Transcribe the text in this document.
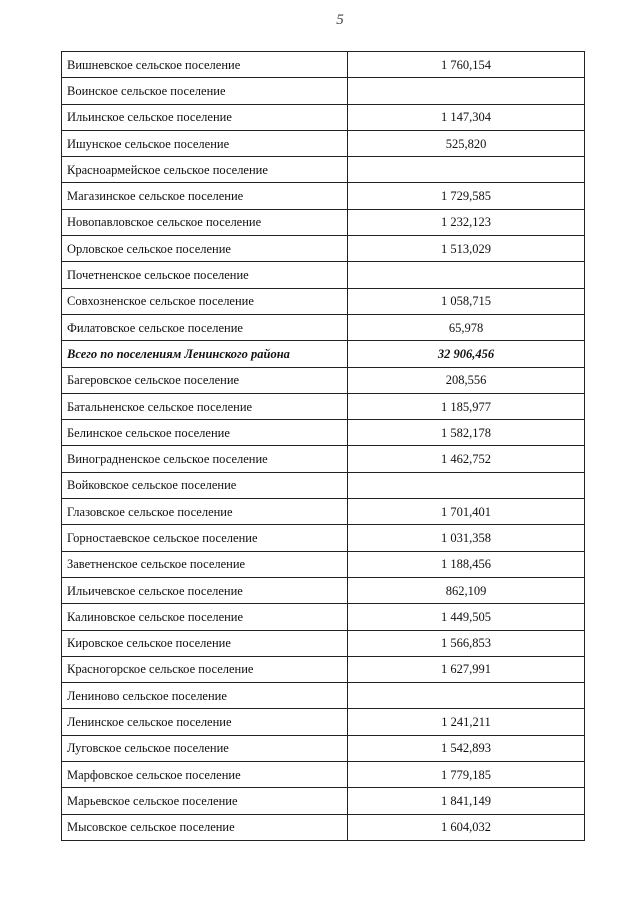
5
Вишневское сельское поселение	1 760,154
Воинское сельское поселение	
Ильинское сельское поселение	1 147,304
Ишунское сельское поселение	525,820
Красноармейское сельское поселение	
Магазинское сельское поселение	1 729,585
Новопавловское сельское поселение	1 232,123
Орловское сельское поселение	1 513,029
Почетненское сельское поселение	
Совхозненское сельское поселение	1 058,715
Филатовское сельское поселение	65,978
Всего по поселениям Ленинского района	32 906,456
Багеровское сельское поселение	208,556
Батальненское сельское поселение	1 185,977
Белинское сельское поселение	1 582,178
Виноградненское сельское поселение	1 462,752
Войковское сельское поселение	
Глазовское сельское поселение	1 701,401
Горностаевское сельское поселение	1 031,358
Заветненское сельское поселение	1 188,456
Ильичевское сельское поселение	862,109
Калиновское сельское поселение	1 449,505
Кировское сельское поселение	1 566,853
Красногорское сельское поселение	1 627,991
Лениново сельское поселение	
Ленинское сельское поселение	1 241,211
Луговское сельское поселение	1 542,893
Марфовское сельское поселение	1 779,185
Марьевское сельское поселение	1 841,149
Мысовское сельское поселение	1 604,032
